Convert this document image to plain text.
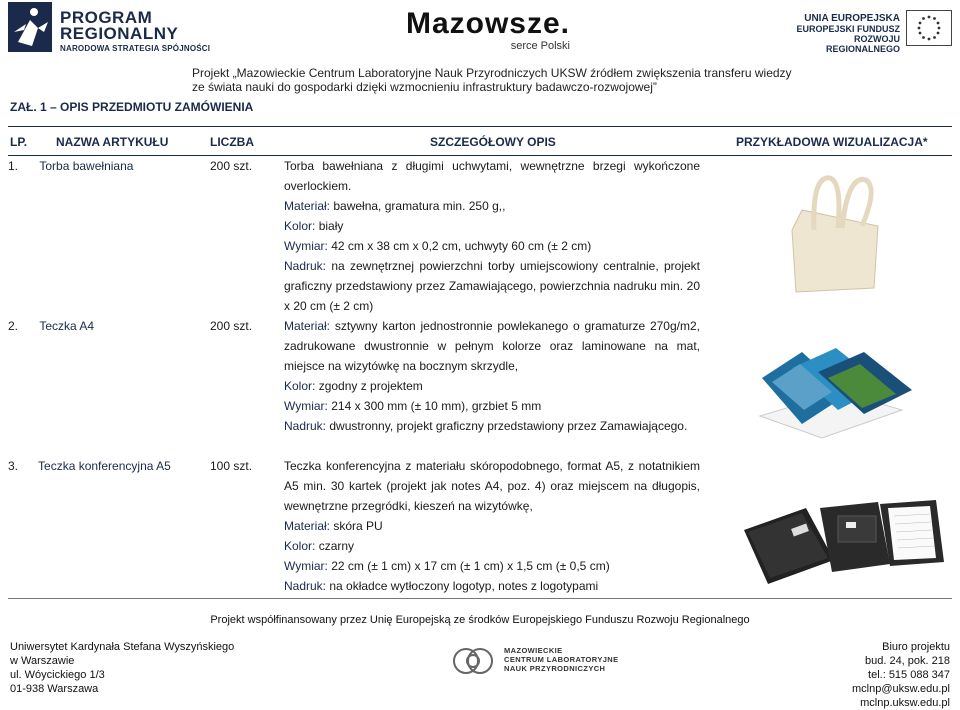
PROGRAM
REGIONALNY
NARODOWA STRATEGIA SPÓJNOŚCI
Mazowsze.
serce Polski
UNIA EUROPEJSKA
EUROPEJSKI FUNDUSZ
ROZWOJU REGIONALNEGO
Projekt „Mazowieckie Centrum Laboratoryjne Nauk Przyrodniczych UKSW źródłem zwiększenia transferu wiedzy
ze świata nauki do gospodarki dzięki wzmocnieniu infrastruktury badawczo-rozwojowej”
ZAŁ. 1 – OPIS PRZEDMIOTU ZAMÓWIENIA
LP. NAZWA ARTYKUŁU	LICZBA	SZCZEGÓŁOWY OPIS	PRZYKŁADOWA WIZUALIZACJA*
1. Torba bawełniana	200 szt.	Torba bawełniana z długimi uchwytami, wewnętrzne brzegi wykończone overlockiem.

Materiał: bawełna, gramatura min. 250 g,,

Kolor: biały

Wymiar: 42 cm x 38 cm x 0,2 cm, uchwyty 60 cm (± 2 cm)

Nadruk: na zewnętrznej powierzchni torby umiejscowiony centralnie, projekt graficzny przedstawiony przez Zamawiającego, powierzchnia nadruku min. 20 x 20 cm (± 2 cm)

2. Teczka A4	200 szt.	Materiał: sztywny karton jednostronnie powlekanego o gramaturze 270g/m2, zadrukowane dwustronnie w pełnym kolorze oraz laminowane na mat, miejsce na wizytówkę na bocznym skrzydle,

Kolor: zgodny z projektem

Wymiar: 214 x 300 mm (± 10 mm), grzbiet 5 mm

Nadruk: dwustronny, projekt graficzny przedstawiony przez Zamawiającego.

3. Teczka konferencyjna A5	100 szt.	Teczka konferencyjna z materiału skóropodobnego, format A5, z notatnikiem A5 min. 30 kartek (projekt jak notes A4, poz. 4) oraz miejscem na długopis, wewnętrzne przegródki, kieszeń na wizytówkę,

Materiał: skóra PU

Kolor: czarny

Wymiar: 22 cm (± 1 cm) x 17 cm (± 1 cm) x 1,5 cm (± 0,5 cm)

Nadruk: na okładce wytłoczony logotyp, notes z logotypami

Projekt współfinansowany przez Unię Europejską ze środków Europejskiego Funduszu Rozwoju Regionalnego
Uniwersytet Kardynała Stefana Wyszyńskiego
w Warszawie
ul. Wóycickiego 1/3
01-938 Warszawa
MAZOWIECKIE
CENTRUM LABORATORYJNE
NAUK PRZYRODNICZYCH
Biuro projektu
bud. 24, pok. 218
tel.: 515 088 347
mclnp@uksw.edu.pl
mclnp.uksw.edu.pl
